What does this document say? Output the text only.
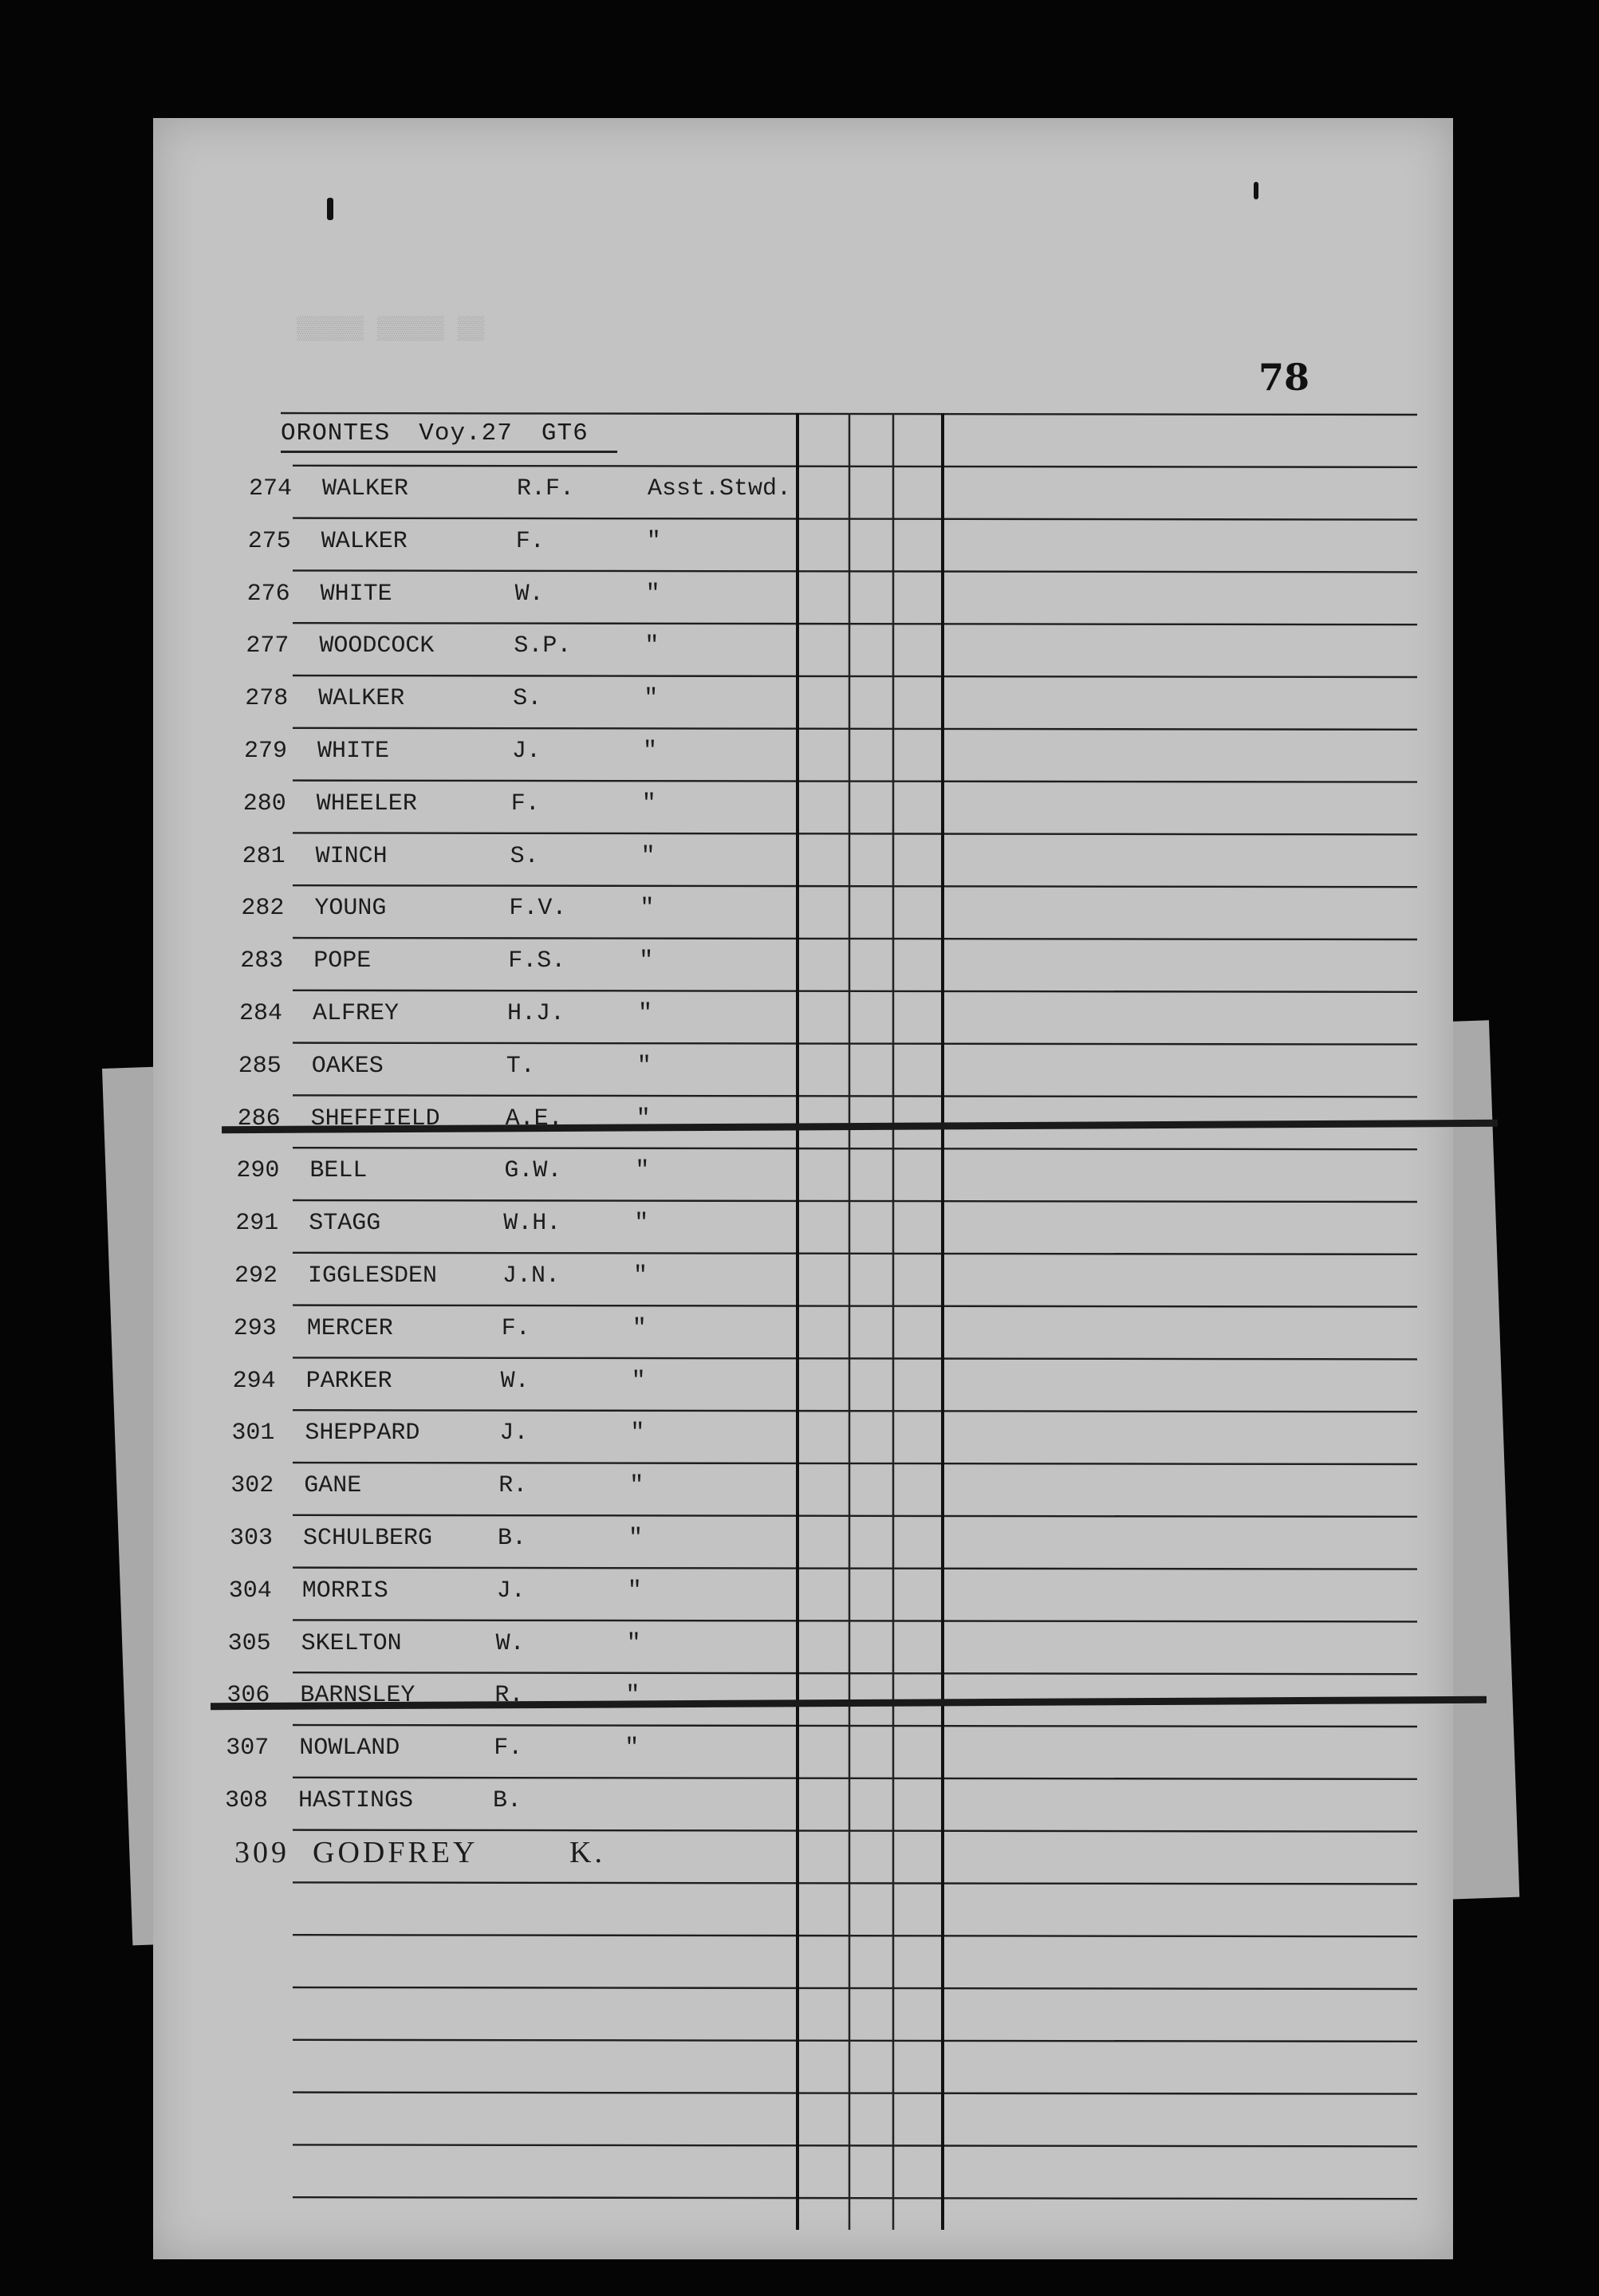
▒▒▒▒▒ ▒▒▒▒▒ ▒▒
78
ORONTES Voy.27 GT6
274	WALKER	R.F.	Asst.Stwd.
275	WALKER	F.	"
276	WHITE	W.	"
277	WOODCOCK	S.P.	"
278	WALKER	S.	"
279	WHITE	J.	"
280	WHEELER	F.	"
281	WINCH	S.	"
282	YOUNG	F.V.	"
283	POPE	F.S.	"
284	ALFREY	H.J.	"
285	OAKES	T.	"
286	SHEFFIELD	A.E.	"
290	BELL	G.W.	"
291	STAGG	W.H.	"
292	IGGLESDEN	J.N.	"
293	MERCER	F.	"
294	PARKER	W.	"
301	SHEPPARD	J.	"
302	GANE	R.	"
303	SCHULBERG	B.	"
304	MORRIS	J.	"
305	SKELTON	W.	"
306	BARNSLEY	R.	"
307	NOWLAND	F.	"
308	HASTINGS	B.
309 GODFREY	K.
